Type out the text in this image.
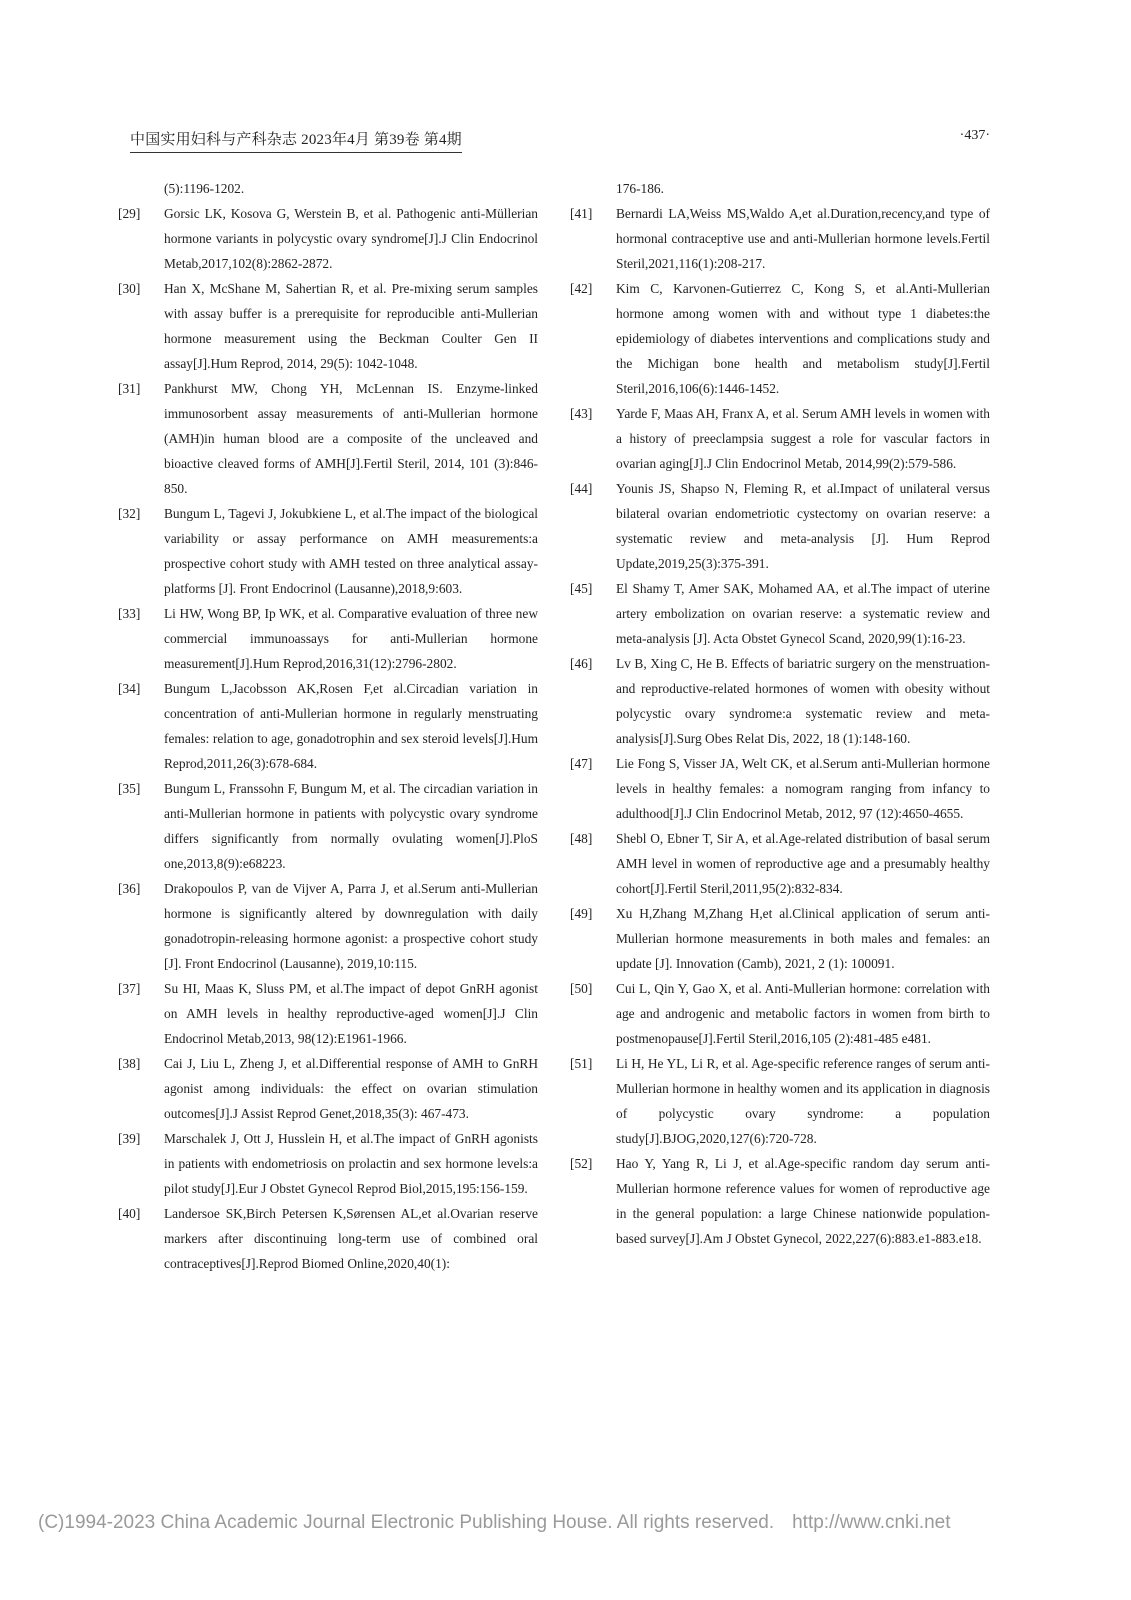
中国实用妇科与产科杂志 2023年4月 第39卷 第4期	·437·
(5):1196-1202.
[29] Gorsic LK, Kosova G, Werstein B, et al. Pathogenic anti-Müllerian hormone variants in polycystic ovary syndrome[J].J Clin Endocrinol Metab,2017,102(8):2862-2872.
[30] Han X, McShane M, Sahertian R, et al. Pre-mixing serum samples with assay buffer is a prerequisite for reproducible anti-Mullerian hormone measurement using the Beckman Coulter Gen II assay[J].Hum Reprod, 2014, 29(5): 1042-1048.
[31] Pankhurst MW, Chong YH, McLennan IS. Enzyme-linked immunosorbent assay measurements of anti-Mullerian hormone (AMH)in human blood are a composite of the uncleaved and bioactive cleaved forms of AMH[J].Fertil Steril, 2014, 101 (3):846-850.
[32] Bungum L, Tagevi J, Jokubkiene L, et al.The impact of the biological variability or assay performance on AMH measurements:a prospective cohort study with AMH tested on three analytical assay-platforms [J]. Front Endocrinol (Lausanne),2018,9:603.
[33] Li HW, Wong BP, Ip WK, et al. Comparative evaluation of three new commercial immunoassays for anti-Mullerian hormone measurement[J].Hum Reprod,2016,31(12):2796-2802.
[34] Bungum L,Jacobsson AK,Rosen F,et al.Circadian variation in concentration of anti-Mullerian hormone in regularly menstruating females: relation to age, gonadotrophin and sex steroid levels[J].Hum Reprod,2011,26(3):678-684.
[35] Bungum L, Franssohn F, Bungum M, et al. The circadian variation in anti-Mullerian hormone in patients with polycystic ovary syndrome differs significantly from normally ovulating women[J].PloS one,2013,8(9):e68223.
[36] Drakopoulos P, van de Vijver A, Parra J, et al.Serum anti-Mullerian hormone is significantly altered by downregulation with daily gonadotropin-releasing hormone agonist: a prospective cohort study [J]. Front Endocrinol (Lausanne), 2019,10:115.
[37] Su HI, Maas K, Sluss PM, et al.The impact of depot GnRH agonist on AMH levels in healthy reproductive-aged women[J].J Clin Endocrinol Metab,2013, 98(12):E1961-1966.
[38] Cai J, Liu L, Zheng J, et al.Differential response of AMH to GnRH agonist among individuals: the effect on ovarian stimulation outcomes[J].J Assist Reprod Genet,2018,35(3): 467-473.
[39] Marschalek J, Ott J, Husslein H, et al.The impact of GnRH agonists in patients with endometriosis on prolactin and sex hormone levels:a pilot study[J].Eur J Obstet Gynecol Reprod Biol,2015,195:156-159.
[40] Landersoe SK,Birch Petersen K,Sørensen AL,et al.Ovarian reserve markers after discontinuing long-term use of combined oral contraceptives[J].Reprod Biomed Online,2020,40(1):
176-186.
[41] Bernardi LA,Weiss MS,Waldo A,et al.Duration,recency,and type of hormonal contraceptive use and anti-Mullerian hormone levels.Fertil Steril,2021,116(1):208-217.
[42] Kim C, Karvonen-Gutierrez C, Kong S, et al.Anti-Mullerian hormone among women with and without type 1 diabetes:the epidemiology of diabetes interventions and complications study and the Michigan bone health and metabolism study[J].Fertil Steril,2016,106(6):1446-1452.
[43] Yarde F, Maas AH, Franx A, et al. Serum AMH levels in women with a history of preeclampsia suggest a role for vascular factors in ovarian aging[J].J Clin Endocrinol Metab, 2014,99(2):579-586.
[44] Younis JS, Shapso N, Fleming R, et al.Impact of unilateral versus bilateral ovarian endometriotic cystectomy on ovarian reserve: a systematic review and meta-analysis [J]. Hum Reprod Update,2019,25(3):375-391.
[45] El Shamy T, Amer SAK, Mohamed AA, et al.The impact of uterine artery embolization on ovarian reserve: a systematic review and meta-analysis [J]. Acta Obstet Gynecol Scand, 2020,99(1):16-23.
[46] Lv B, Xing C, He B. Effects of bariatric surgery on the menstruation- and reproductive-related hormones of women with obesity without polycystic ovary syndrome:a systematic review and meta-analysis[J].Surg Obes Relat Dis, 2022, 18 (1):148-160.
[47] Lie Fong S, Visser JA, Welt CK, et al.Serum anti-Mullerian hormone levels in healthy females: a nomogram ranging from infancy to adulthood[J].J Clin Endocrinol Metab, 2012, 97 (12):4650-4655.
[48] Shebl O, Ebner T, Sir A, et al.Age-related distribution of basal serum AMH level in women of reproductive age and a presumably healthy cohort[J].Fertil Steril,2011,95(2):832-834.
[49] Xu H,Zhang M,Zhang H,et al.Clinical application of serum anti-Mullerian hormone measurements in both males and females: an update [J]. Innovation (Camb), 2021, 2 (1): 100091.
[50] Cui L, Qin Y, Gao X, et al. Anti-Mullerian hormone: correlation with age and androgenic and metabolic factors in women from birth to postmenopause[J].Fertil Steril,2016,105 (2):481-485 e481.
[51] Li H, He YL, Li R, et al. Age-specific reference ranges of serum anti-Mullerian hormone in healthy women and its application in diagnosis of polycystic ovary syndrome: a population study[J].BJOG,2020,127(6):720-728.
[52] Hao Y, Yang R, Li J, et al.Age-specific random day serum anti-Mullerian hormone reference values for women of reproductive age in the general population: a large Chinese nationwide population-based survey[J].Am J Obstet Gynecol, 2022,227(6):883.e1-883.e18.
(C)1994-2023 China Academic Journal Electronic Publishing House. All rights reserved. http://www.cnki.net
